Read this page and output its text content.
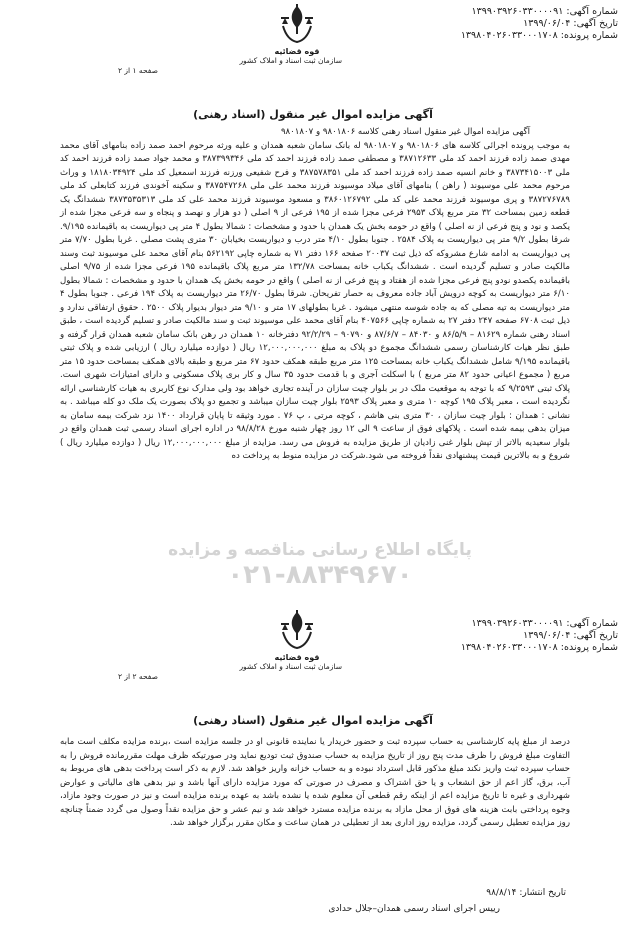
شماره آگهی: ۱۳۹۹۰۳۹۲۶۰۳۳۰۰۰۰۹۱
تاریخ آگهی: ۱۳۹۹/۰۶/۰۴
شماره پرونده: ۱۳۹۸۰۴۰۲۶۰۳۳۰۰۰۱۷۰۸
قوه قضائیه
سازمان ثبت اسناد و املاک کشور
صفحه ۱ از ۲
آگهی مزایده اموال غیر منقول (اسناد رهنی)

آگهی مزایده اموال غیر منقول اسناد رهنی کلاسه ۹۸۰۱۸۰۶ و ۹۸۰۱۸۰۷

به موجب پرونده اجرائی کلاسه های ۹۸۰۱۸۰۶ و ۹۸۰۱۸۰۷ له بانک سامان شعبه همدان و علیه ورثه مرحوم احمد صمد زاده بنامهای آقای محمد مهدی صمد زاده فرزند احمد کد ملی ۳۸۷۱۲۶۳۳ و مصطفی صمد زاده فرزند احمد کد ملی ۳۸۷۳۹۹۳۴۶ و محمد جواد صمد زاده فرزند احمد کد ملی ۳۸۷۳۴۱۵۰۰۳ و خانم انسیه صمد زاده فرزند احمد کد ملی ۳۸۷۵۷۸۳۵۱ و فرح شفیعی ورزنه فرزند اسمعیل کد ملی ۱۸۱۸۰۳۴۹۲۴ و وراث مرحوم محمد علی موسیوند ( راهن ) بنامهای آقای میلاد موسیوند فرزند محمد علی ملی ۳۸۷۵۴۷۲۶۸ و سکینه آخوندی فرزند کتابعلی کد ملی ۳۸۷۲۷۶۷۸۹ و پری موسیوند فرزند محمد علی کد ملی ۳۸۶۰۱۲۶۷۹۲ و مسعود موسیوند فرزند محمد علی کد ملی ۳۸۷۳۵۳۵۳۱۳ ششدانگ یک قطعه زمین بمساحت ۳۲ متر مربع پلاک ۲۹۵۳ فرعی مجزا شده از ۱۹۵ فرعی از ۹ اصلی ( دو هزار و نهصد و پنجاه و سه فرعی مجزا شده از یکصد و نود و پنج فرعی از نه اصلی ) واقع در حومه بخش یک همدان با حدود و مشخصات : شمالا بطول ۴ متر پی دیواریست به باقیمانده ۹/۱۹۵. شرقا بطول ۹/۲ متر پی دیواریست به پلاک ۲۵۸۴ . جنوبا بطول ۴/۱۰ متر درب و دیواریست بخیابان ۳۰ متری پشت مصلی . غربا بطول ۷/۷۰ متر پی دیواریست به ادامه شارع مشروکه که ذیل ثبت ۲۰۰۳۷ صفحه ۱۶۶ دفتر ۷۱ به شماره چاپی ۵۶۲۱۹۲ بنام آقای محمد علی موسیوند ثبت وسند مالکیت صادر و تسلیم گردیده است . ششدانگ یکباب خانه بمساحت ۱۳۲/۷۸ متر مربع پلاک باقیمانده ۱۹۵ فرعی مجزا شده از ۹/۷۵ اصلی باقیمانده یکصدو نودو پنج فرعی مجزا شده از هفتاد و پنج فرعی از نه اصلی ) واقع در حومه بخش یک همدان با حدود و مشخصات : شمالا بطول ۶/۱۰ متر دیواریست به کوچه درویش آباد جاده معروف به حصار تفریحان. شرقا بطول ۲۶/۷۰ متر دیواریست به پلاک ۱۹۴ فرعی . جنوبا بطول ۴ متر دیواریست به تیه مصلی که به جاده شوسه منتهی میشود . غربا بطولهای ۱۷ متر و ۹/۱۰ متر دیوار بدیوار پلاک ۲۵۰۰ . حقوق ارتفاقی ندارد و ذیل ثبت ۶۷۰۸ صفحه ۲۴۷ دفتر ۲۷ به شماره چاپی ۴۰۷۵۶۶ بنام آقای محمد علی موسیوند ثبت و سند مالکیت صادر و تسلیم گردیده است ، طبق اسناد رهنی شماره ۸۱۶۲۹ – ۸۶/۵/۹ و ۸۴۰۳۰ – ۸۷/۶/۷ و ۹۰۷۹۰ – ۹۲/۲/۲۹ دفترخانه ۱۰ همدان در رهن بانک سامان شعبه همدان قرار گرفته و طبق نظر هیات کارشناسان رسمی ششدانگ مجموع دو پلاک به مبلغ ۱۲,۰۰۰,۰۰۰,۰۰۰ ریال ( دوازده میلیارد ریال ) ارزیابی شده و پلاک ثبتی باقیمانده ۹/۱۹۵ شامل ششدانگ یکباب خانه بمساحت ۱۲۵ متر مربع طبقه همکف حدود ۶۷ متر مربع و طبقه بالای همکف بمساحت حدود ۱۵ متر مربع ( مجموع اعیانی حدود ۸۲ متر مربع ) با اسکلت آجری و با قدمت حدود ۳۵ سال و کار بری پلاک مسکونی و دارای امتیازات شهری است. پلاک ثبتی ۹/۲۵۹۳ که با توجه به موقعیت ملک در بر بلوار چیت سازان در آینده تجاری خواهد بود ولی مدارک نوع کاربری به هیات کارشناسی ارائه نگردیده است ، معبر پلاک ۱۹۵ کوچه ۱۰ متری و معبر پلاک ۲۵۹۳ بلوار چیت سازان میباشد و تجمیع دو پلاک بصورت یک ملک دو کله میباشد . به نشانی : همدان : بلوار چیت سازان ، ۳۰ متری بنی هاشم ، کوچه مرتی ، پ ۷۶ . مورد وثیقه تا پایان قرارداد ۱۴۰۰ نزد شرکت بیمه سامان به میزان بدهی بیمه شده است . پلاکهای فوق از ساعت ۹ الی ۱۲ روز چهار شنبه مورخ ۹۸/۸/۲۸ در اداره اجرای اسناد رسمی ثبت همدان واقع در بلوار سعیدیه بالاتر از تپش بلوار غنی زادیان از طریق مزایده به فروش می رسد. مزایده از مبلغ ۱۲,۰۰۰,۰۰۰,۰۰۰ ریال ( دوازده میلیارد ریال ) شروع و به بالاترین قیمت پیشنهادی نقداً فروخته می شود.شرکت در مزایده منوط به پرداخت ده

پایگاه اطلاع رسانی مناقصه و مزایده
۰۲۱-۸۸۳۴۹۶۷۰
شماره آگهی: ۱۳۹۹۰۳۹۲۶۰۳۳۰۰۰۰۹۱
تاریخ آگهی: ۱۳۹۹/۰۶/۰۴
شماره پرونده: ۱۳۹۸۰۴۰۲۶۰۳۳۰۰۰۱۷۰۸
قوه قضائیه
سازمان ثبت اسناد و املاک کشور
صفحه ۲ از ۲
آگهی مزایده اموال غیر منقول (اسناد رهنی)

درصد از مبلغ پایه کارشناسی به حساب سپرده ثبت و حضور خریدار یا نماینده قانونی او در جلسه مزایده است ،برنده مزایده مکلف است مابه التفاوت مبلغ فروش را ظرف مدت پنج روز از تاریخ مزایده به حساب صندوق ثبت تودیع نماید ودر صورتیکه ظرف مهلت مقررمانده فروش را به حساب سپرده ثبت واریز نکند مبلغ مذکور قابل استرداد نبوده و به حساب خزانه واریز خواهد شد. لازم به ذکر است پرداخت بدهی های مربوط به آب، برق، گاز اعم از حق انشعاب و یا حق اشتراک و مصرف در صورتی که مورد مزایده دارای آنها باشد و نیز بدهی های مالیاتی و عوارض شهرداری و غیره تا تاریخ مزایده اعم از اینکه رقم قطعی آن معلوم شده یا نشده باشد به عهده برنده مزایده است و نیز در صورت وجود مازاد، وجوه پرداختی بابت هزینه های فوق از محل مازاد به برنده مزایده مسترد خواهد شد و نیم عشر و حق مزایده نقداً وصول می گردد ضمناً چنانچه روز مزایده تعطیل رسمی گردد، مزایده روز اداری بعد از تعطیلی در همان ساعت و مکان مقرر برگزار خواهد شد.

تاریخ انتشار: ۹۸/۸/۱۴
رییس اجرای اسناد رسمی همدان–جلال حدادی
